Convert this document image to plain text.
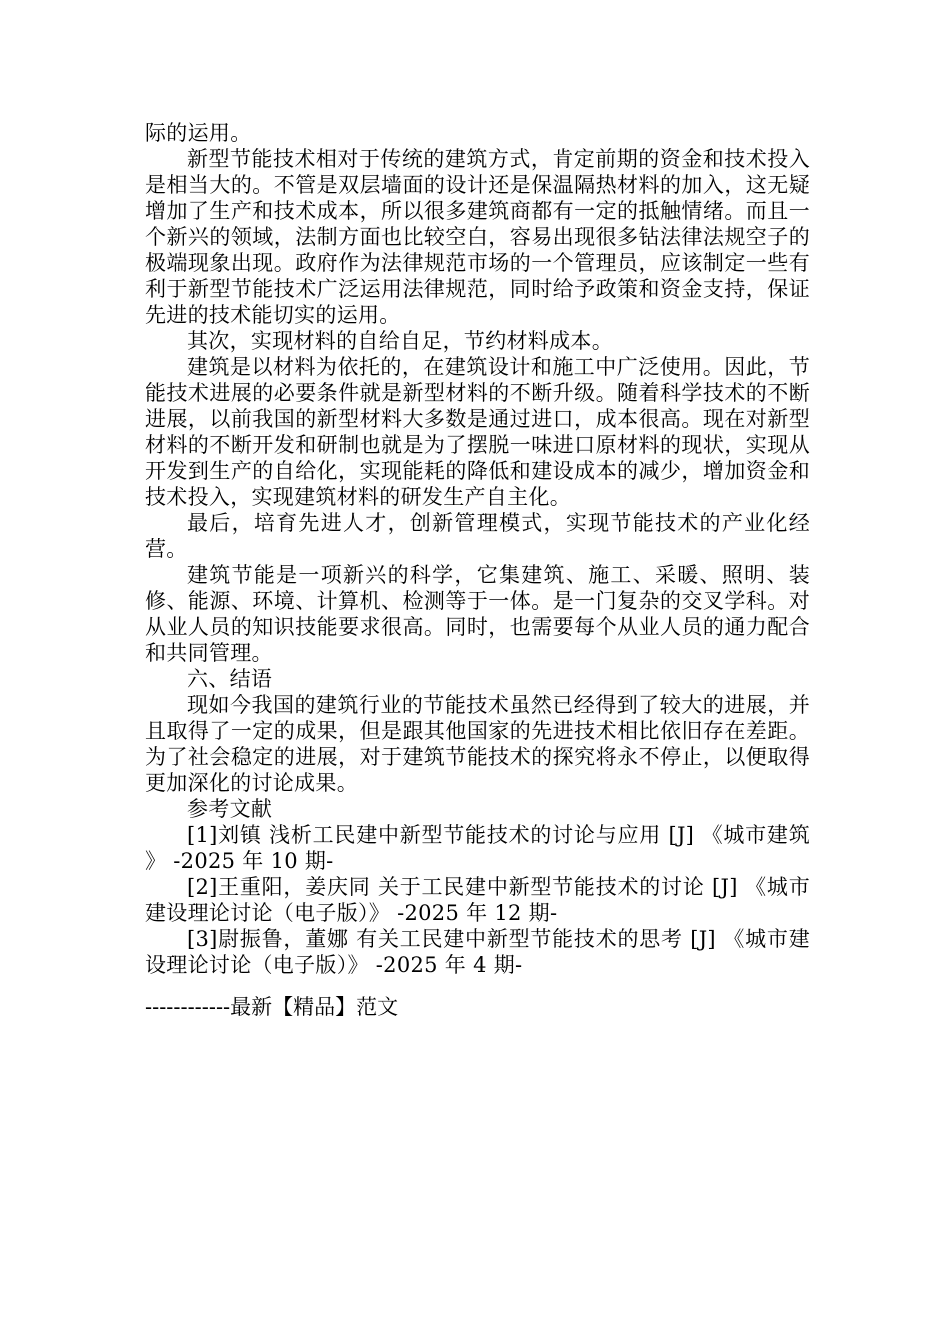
际的运用。

新型节能技术相对于传统的建筑方式，肯定前期的资金和技术投入是相当大的。不管是双层墙面的设计还是保温隔热材料的加入，这无疑增加了生产和技术成本，所以很多建筑商都有一定的抵触情绪。而且一个新兴的领域，法制方面也比较空白，容易出现很多钻法律法规空子的极端现象出现。政府作为法律规范市场的一个管理员，应该制定一些有利于新型节能技术广泛运用法律规范，同时给予政策和资金支持，保证先进的技术能切实的运用。

其次，实现材料的自给自足，节约材料成本。

建筑是以材料为依托的，在建筑设计和施工中广泛使用。因此，节能技术进展的必要条件就是新型材料的不断升级。随着科学技术的不断进展，以前我国的新型材料大多数是通过进口，成本很高。现在对新型材料的不断开发和研制也就是为了摆脱一味进口原材料的现状，实现从开发到生产的自给化，实现能耗的降低和建设成本的减少，增加资金和技术投入，实现建筑材料的研发生产自主化。

最后，培育先进人才，创新管理模式，实现节能技术的产业化经营。

建筑节能是一项新兴的科学，它集建筑、施工、采暖、照明、装修、能源、环境、计算机、检测等于一体。是一门复杂的交叉学科。对从业人员的知识技能要求很高。同时，也需要每个从业人员的通力配合和共同管理。

六、结语

现如今我国的建筑行业的节能技术虽然已经得到了较大的进展，并且取得了一定的成果，但是跟其他国家的先进技术相比依旧存在差距。为了社会稳定的进展，对于建筑节能技术的探究将永不停止，以便取得更加深化的讨论成果。

参考文献

[1]刘镇 浅析工民建中新型节能技术的讨论与应用 [J] 《城市建筑 》 -2025 年 10 期-

[2]王重阳，姜庆同 关于工民建中新型节能技术的讨论 [J] 《城市建设理论讨论（电子版）》 -2025 年 12 期-

[3]尉振鲁，董娜 有关工民建中新型节能技术的思考 [J] 《城市建设理论讨论（电子版）》 -2025 年 4 期-

------------最新【精品】范文
